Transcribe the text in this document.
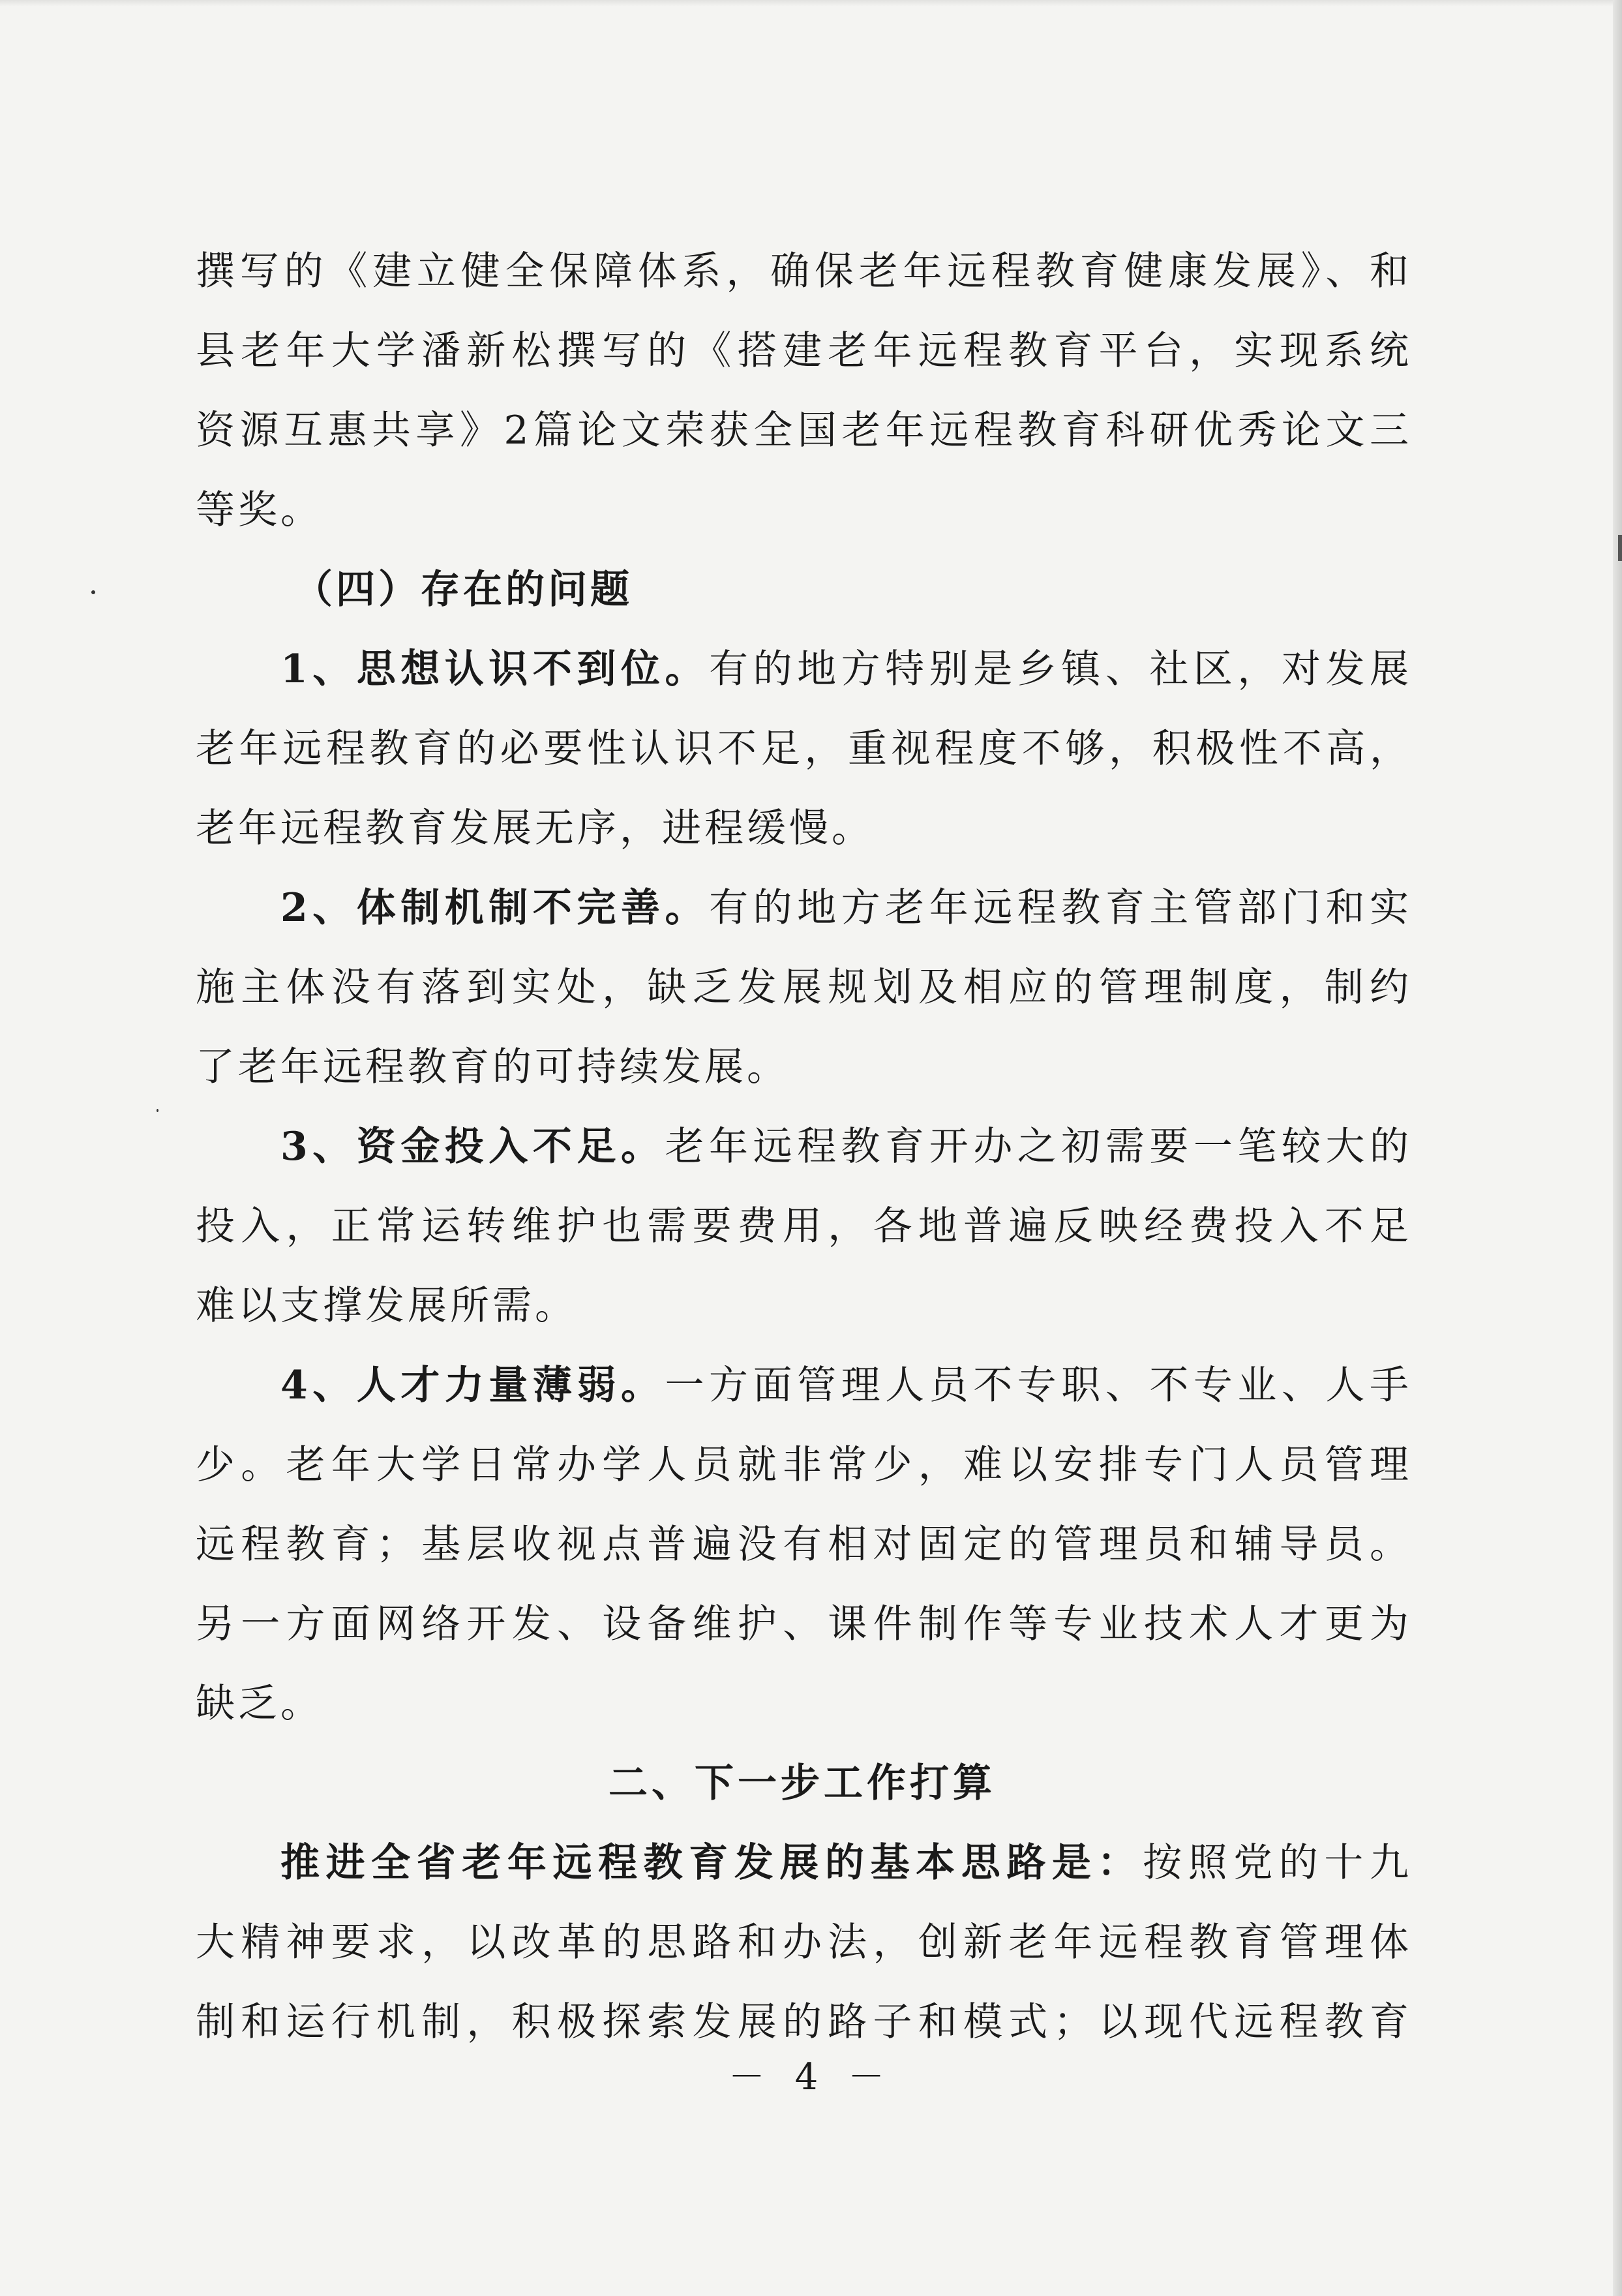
撰写的《建立健全保障体系，确保老年远程教育健康发展》、和
县老年大学潘新松撰写的《搭建老年远程教育平台，实现系统
资源互惠共享》2篇论文荣获全国老年远程教育科研优秀论文三
等奖。
（四）存在的问题
1、思想认识不到位。有的地方特别是乡镇、社区，对发展
老年远程教育的必要性认识不足，重视程度不够，积极性不高，
老年远程教育发展无序，进程缓慢。
2、体制机制不完善。有的地方老年远程教育主管部门和实
施主体没有落到实处，缺乏发展规划及相应的管理制度，制约
了老年远程教育的可持续发展。
3、资金投入不足。老年远程教育开办之初需要一笔较大的
投入，正常运转维护也需要费用，各地普遍反映经费投入不足
难以支撑发展所需。
4、人才力量薄弱。一方面管理人员不专职、不专业、人手
少。老年大学日常办学人员就非常少，难以安排专门人员管理
远程教育；基层收视点普遍没有相对固定的管理员和辅导员。
另一方面网络开发、设备维护、课件制作等专业技术人才更为
缺乏。
二、下一步工作打算
推进全省老年远程教育发展的基本思路是：按照党的十九
大精神要求，以改革的思路和办法，创新老年远程教育管理体
制和运行机制，积极探索发展的路子和模式；以现代远程教育
－ 4 －
